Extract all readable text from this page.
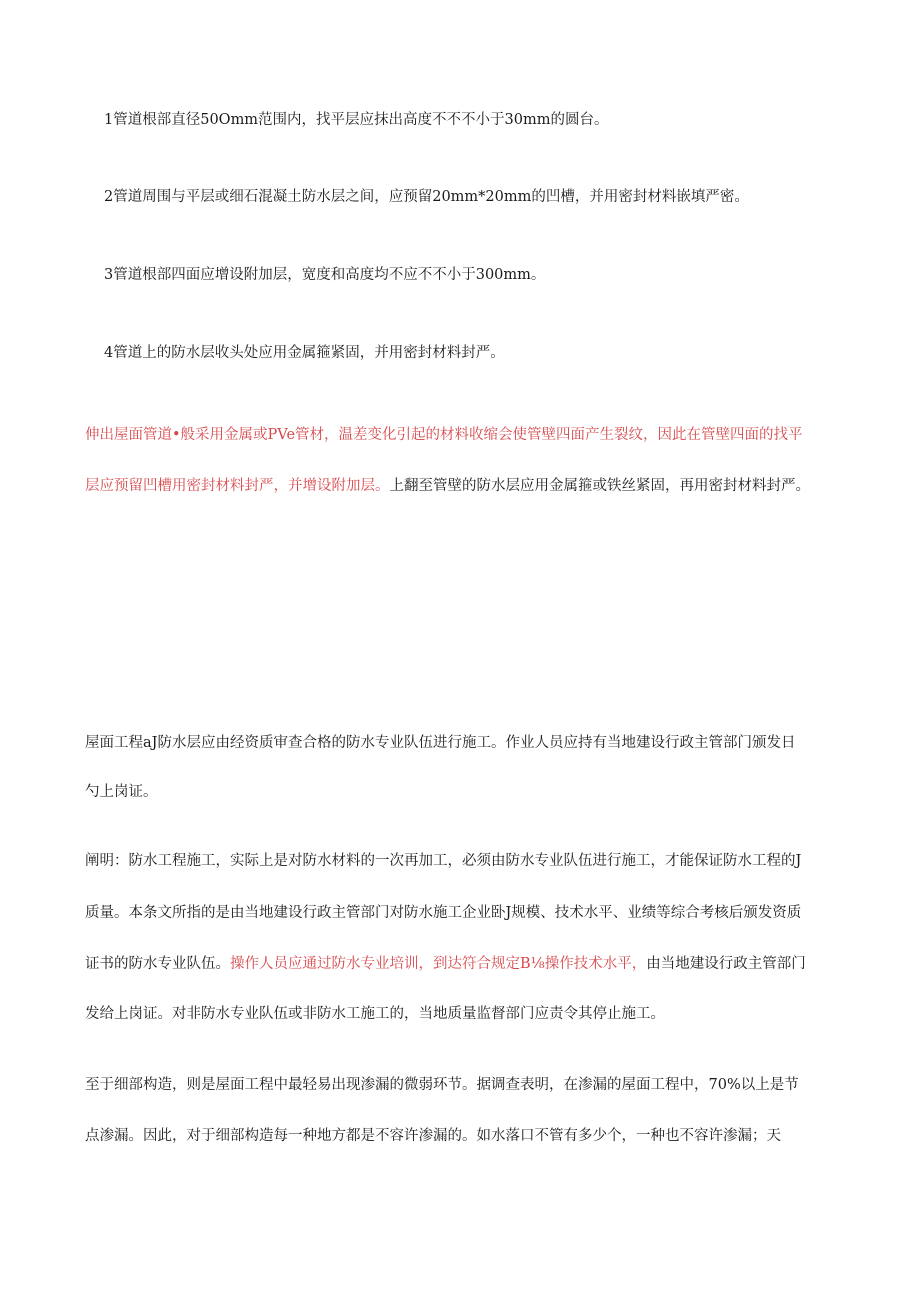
1管道根部直径50Omm范围内，找平层应抹出高度不不不小于30mm的圆台。
2管道周围与平层或细石混凝土防水层之间，应预留20mm*20mm的凹槽，并用密封材料嵌填严密。
3管道根部四面应增设附加层，宽度和高度均不应不不小于300mm。
4管道上的防水层收头处应用金属箍紧固，并用密封材料封严。
伸出屋面管道•般采用金属或PVe管材，温差变化引起的材料收缩会使管壁四面产生裂纹，因此在管壁四面的找平
层应预留凹槽用密封材料封严，并增设附加层。上翻至管壁的防水层应用金属箍或铁丝紧固，再用密封材料封严。
屋面工程aJ防水层应由经资质审查合格的防水专业队伍进行施工。作业人员应持有当地建设行政主管部门颁发日
勺上岗证。
阐明：防水工程施工，实际上是对防水材料的一次再加工，必须由防水专业队伍进行施工，才能保证防水工程的J
质量。本条文所指的是由当地建设行政主管部门对防水施工企业卧J规模、技术水平、业绩等综合考核后颁发资质
证书的防水专业队伍。操作人员应通过防水专业培训，到达符合规定B⅛操作技术水平，由当地建设行政主管部门
发给上岗证。对非防水专业队伍或非防水工施工的，当地质量监督部门应责令其停止施工。
至于细部构造，则是屋面工程中最轻易出现渗漏的微弱环节。据调查表明，在渗漏的屋面工程中，70%以上是节
点渗漏。因此，对于细部构造每一种地方都是不容许渗漏的。如水落口不管有多少个，一种也不容许渗漏；天
